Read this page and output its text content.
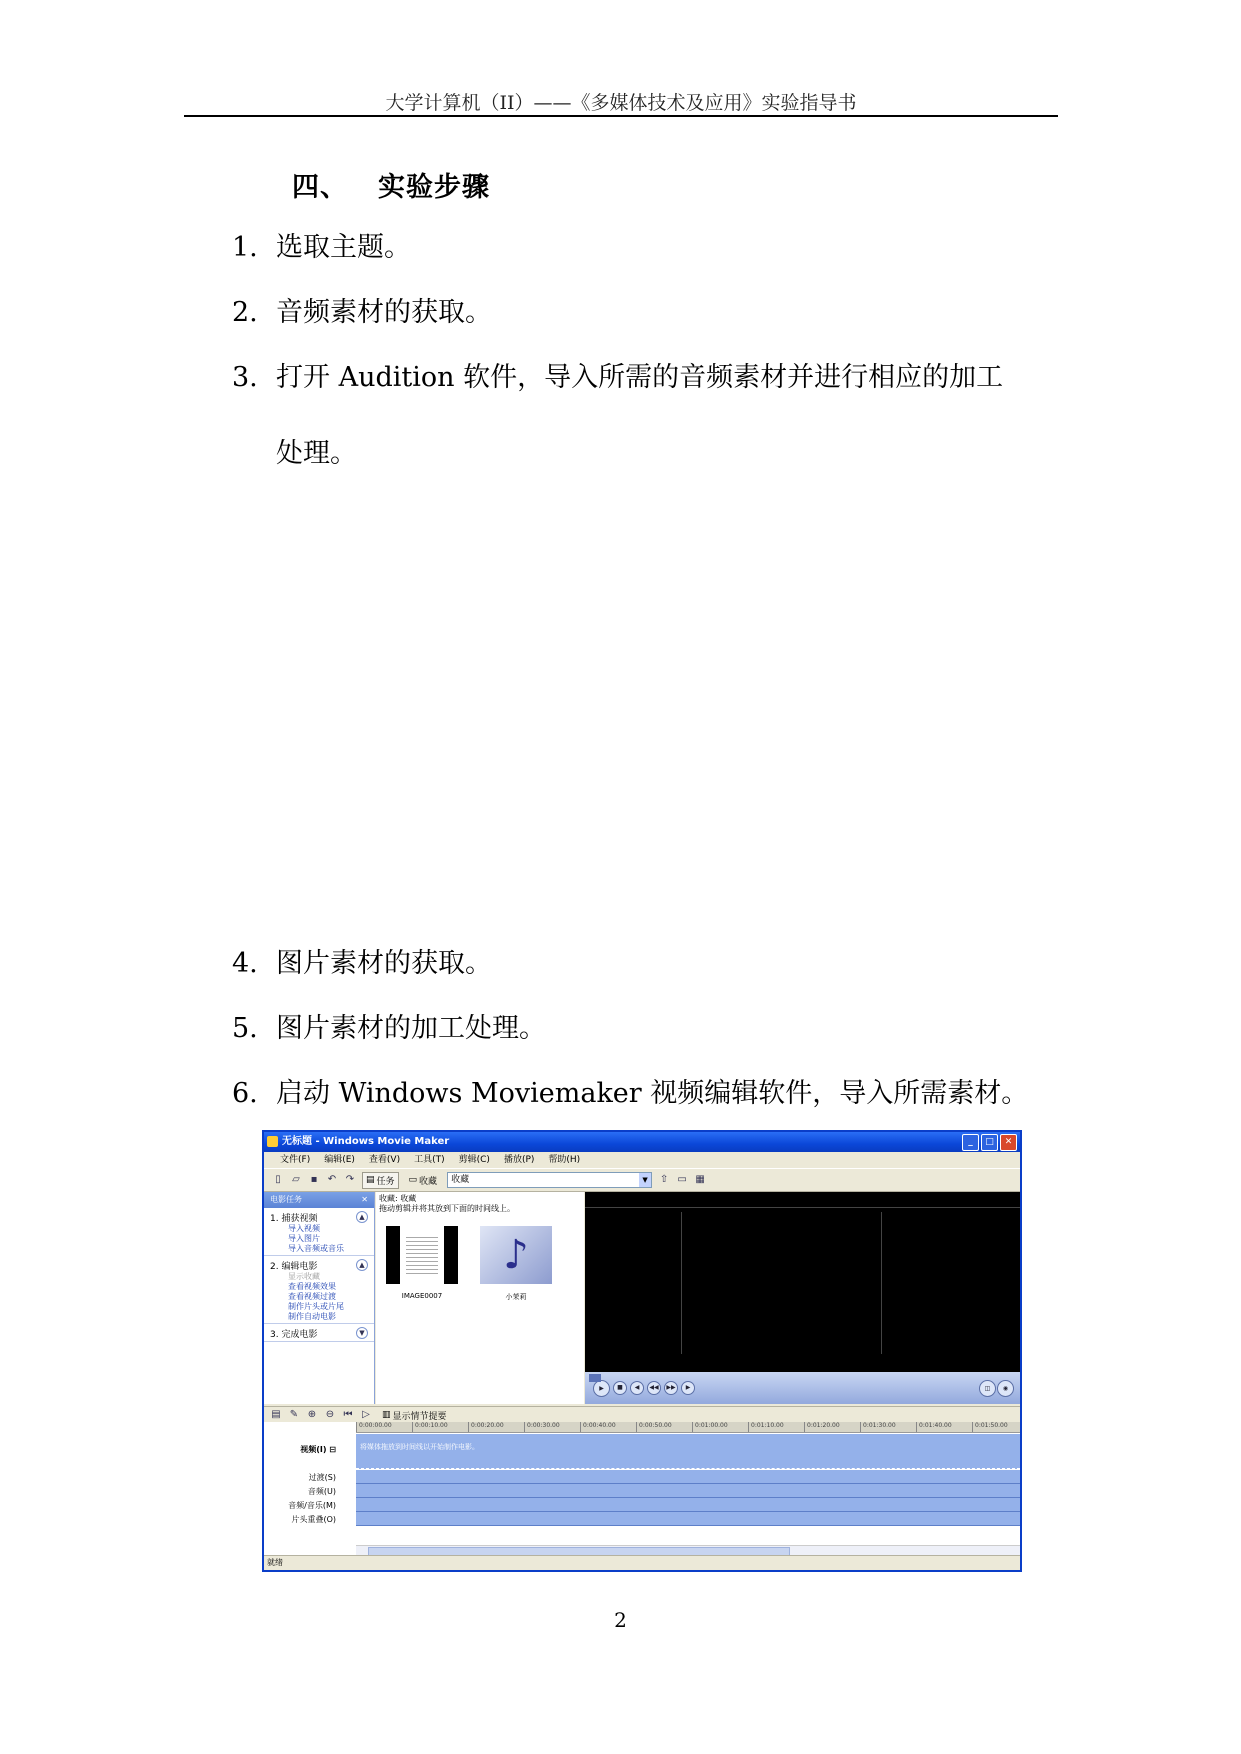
大学计算机（II）——《多媒体技术及应用》实验指导书
四、 实验步骤
1. 选取主题。
2. 音频素材的获取。
3. 打开 Audition 软件，导入所需的音频素材并进行相应的加工
处理。
4. 图片素材的获取。
5. 图片素材的加工处理。
6. 启动 Windows Moviemaker 视频编辑软件，导入所需素材。
无标题 - Windows Movie Maker	_	□	✕
文件(F) 编辑(E) 查看(V) 工具(T) 剪辑(C) 播放(P) 帮助(H)
▯	▱ ▪ ↶ ↷ ▤ 任务 ▭ 收藏	收藏	▼	⇧ ▭ ▦
电影任务	✕
1. 捕获视频	▲
导入视频
导入图片
导入音频或音乐
2. 编辑电影	▲
显示收藏
查看视频效果
查看视频过渡
制作片头或片尾
制作自动电影
3. 完成电影	▼
收藏: 收藏
拖动剪辑并将其放到下面的时间线上。
IMAGE0007
♪
小茉莉
▶	■	◀	◀◀	▶▶	▶	◫	◉
▤ ✎ ⊕ ⊖ ⏮ ▷ ▥ 显示情节提要
0:00:00.00	0:00:10.00	0:00:20.00	0:00:30.00	0:00:40.00	0:00:50.00	0:01:00.00	0:01:10.00	0:01:20.00	0:01:30.00	0:01:40.00	0:01:50.00
视频(I) ⊟	将媒体拖放到时间线以开始制作电影。
过渡(S)
音频(U)
音频/音乐(M)
片头重叠(O)
就绪
2
